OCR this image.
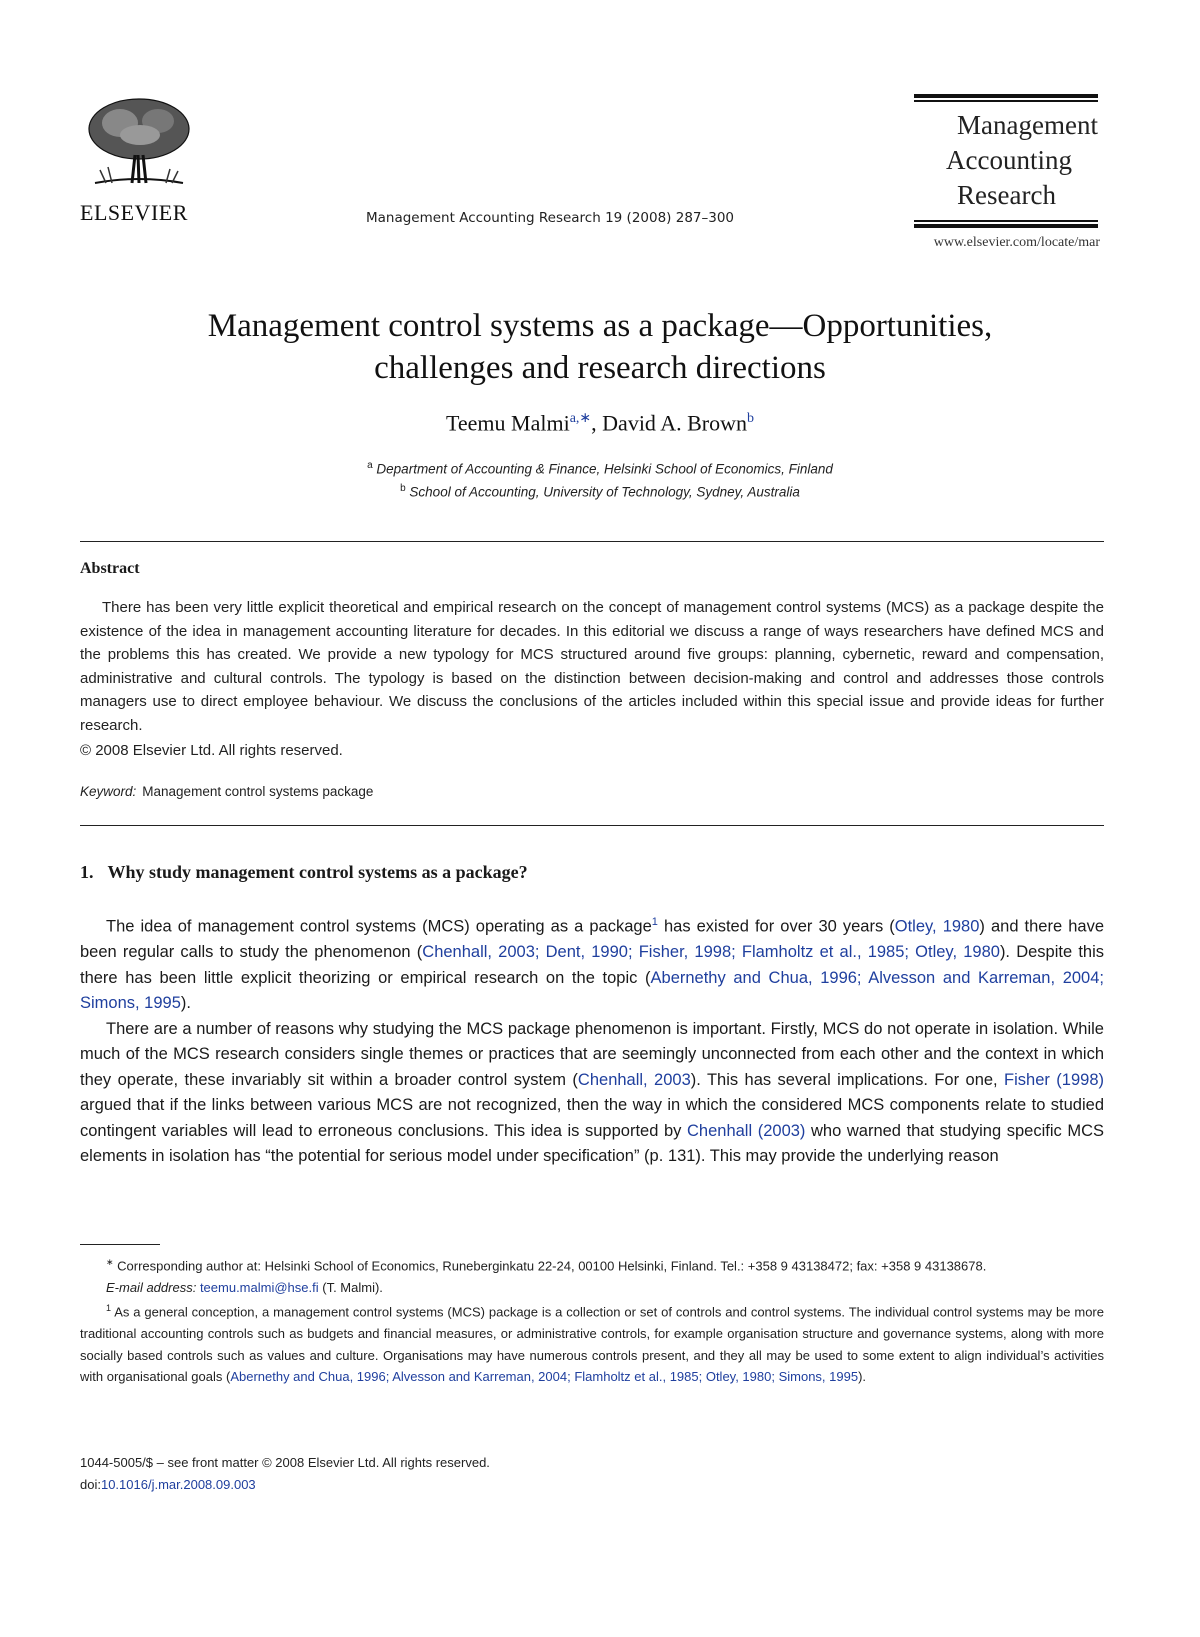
ELSEVIER	Management Accounting Research 19 (2008) 287–300
Management
Accounting
Research
www.elsevier.com/locate/mar
Management control systems as a package—Opportunities,
challenges and research directions
Teemu Malmi$^{a,∗}$, David A. Brown$^b$
$^a$ Department of Accounting & Finance, Helsinki School of Economics, Finland
$^b$ School of Accounting, University of Technology, Sydney, Australia
Abstract

There has been very little explicit theoretical and empirical research on the concept of management control systems (MCS) as a package despite the existence of the idea in management accounting literature for decades. In this editorial we discuss a range of ways researchers have defined MCS and the problems this has created. We provide a new typology for MCS structured around five groups: planning, cybernetic, reward and compensation, administrative and cultural controls. The typology is based on the distinction between decision-making and control and addresses those controls managers use to direct employee behaviour. We discuss the conclusions of the articles included within this special issue and provide ideas for further research.

© 2008 Elsevier Ltd. All rights reserved.
Keyword: Management control systems package
1. Why study management control systems as a package?

The idea of management control systems (MCS) operating as a package$^1$ has existed for over 30 years (Otley, 1980) and there have been regular calls to study the phenomenon (Chenhall, 2003; Dent, 1990; Fisher, 1998; Flamholtz et al., 1985; Otley, 1980). Despite this there has been little explicit theorizing or empirical research on the topic (Abernethy and Chua, 1996; Alvesson and Karreman, 2004; Simons, 1995).

There are a number of reasons why studying the MCS package phenomenon is important. Firstly, MCS do not operate in isolation. While much of the MCS research considers single themes or practices that are seemingly unconnected from each other and the context in which they operate, these invariably sit within a broader control system (Chenhall, 2003). This has several implications. For one, Fisher (1998) argued that if the links between various MCS are not recognized, then the way in which the considered MCS components relate to studied contingent variables will lead to erroneous conclusions. This idea is supported by Chenhall (2003) who warned that studying specific MCS elements in isolation has “the potential for serious model under specification” (p. 131). This may provide the underlying reason

∗ Corresponding author at: Helsinki School of Economics, Runeberginkatu 22-24, 00100 Helsinki, Finland. Tel.: +358 9 43138472; fax: +358 9 43138678.

E-mail address: teemu.malmi@hse.fi (T. Malmi).

$^1$ As a general conception, a management control systems (MCS) package is a collection or set of controls and control systems. The individual control systems may be more traditional accounting controls such as budgets and financial measures, or administrative controls, for example organisation structure and governance systems, along with more socially based controls such as values and culture. Organisations may have numerous controls present, and they all may be used to some extent to align individual’s activities with organisational goals (Abernethy and Chua, 1996; Alvesson and Karreman, 2004; Flamholtz et al., 1985; Otley, 1980; Simons, 1995).

1044-5005/$ – see front matter © 2008 Elsevier Ltd. All rights reserved.
doi:10.1016/j.mar.2008.09.003
